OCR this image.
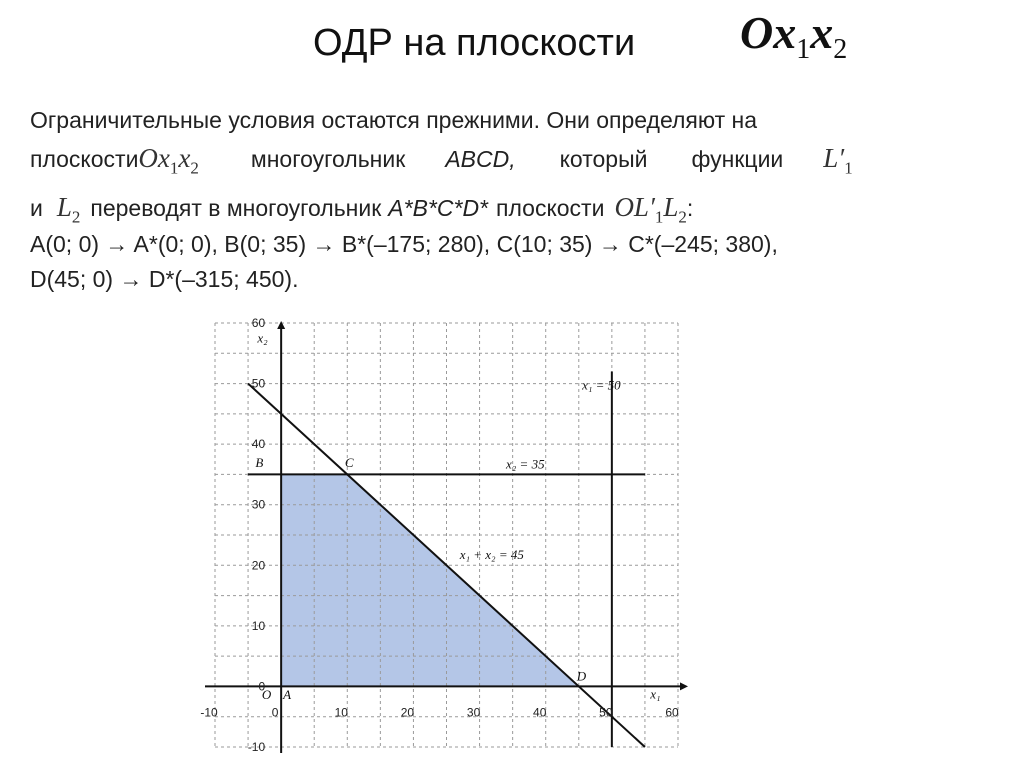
ОДР на плоскости $Ox_1x_2$
Ограничительные условия остаются прежними. Они определяют на
$плоскостиOx_1x_2$ многоугольник ABCD, который функции $L'_1$
и $L_2$ переводят в многоугольник A*B*C*D* плоскости $OL'_1L_2$:
A(0; 0) → A*(0; 0), B(0; 35) → B*(–175; 280), C(10; 35) → C*(–245; 380),
D(45; 0) → D*(–315; 450).
x₁ = 50
x₂ = 35
x₁ + x₂ = 45
-10	0	10	20	30	40	50	60
-10
0
10
20
30
40
50
60
x₁
x₂
O A
B	C
D
